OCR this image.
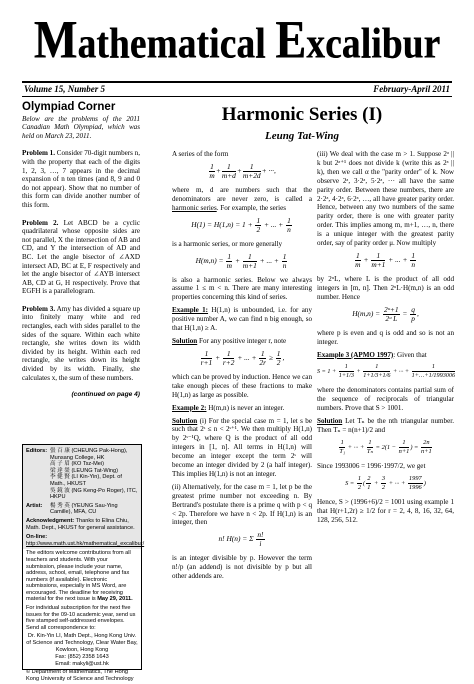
Mathematical Excalibur
Volume 15, Number 5	February-April 2011
Olympiad Corner

Below are the problems of the 2011 Canadian Math Olympiad, which was held on March 23, 2011.

Problem 1. Consider 70-digit numbers n, with the property that each of the digits 1, 2, 3, …, 7 appears in the decimal expansion of n ten times (and 8, 9 and 0 do not appear). Show that no number of this form can divide another number of this form.

Problem 2. Let ABCD be a cyclic quadrilateral whose opposite sides are not parallel, X the intersection of AB and CD, and Y the intersection of AD and BC. Let the angle bisector of ∠AXD intersect AD, BC at E, F respectively and let the angle bisector of ∠AYB intersect AB, CD at G, H respectively. Prove that EGFH is a parallelogram.

Problem 3. Amy has divided a square up into finitely many white and red rectangles, each with sides parallel to the sides of the square. Within each white rectangle, she writes down its width divided by its height. Within each red rectangle, she writes down its height divided by its width. Finally, she calculates x, the sum of these numbers.

(continued on page 4)

Editors: 張 百 康 (CHEUNG Pak-Hong), Munsang College, HK
高 子 眉 (KO Tsz-Mei)
梁 達 榮 (LEUNG Tat-Wing)
李 健 賢 (LI Kin-Yin), Dept. of Math., HKUST
吳 鏡 波 (NG Keng-Po Roger), ITC, HKPU
Artist:	楊 秀 英 (YEUNG Sau-Ying Camille), MFA, CU
Acknowledgment: Thanks to Elina Chiu, Math. Dept., HKUST for general assistance.
On-line:
http://www.math.ust.hk/mathematical_excalibur/
The editors welcome contributions from all teachers and students. With your submission, please include your name, address, school, email, telephone and fax numbers (if available). Electronic submissions, especially in MS Word, are encouraged. The deadline for receiving material for the next issue is May 29, 2011.
For individual subscription for the next five issues for the 09-10 academic year, send us five stamped self-addressed envelopes. Send all correspondence to:
Dr. Kin-Yin LI, Math Dept., Hong Kong Univ. of Science and Technology, Clear Water Bay, Kowloon, Hong Kong
Fax: (852) 2358 1643
Email: makyli@ust.hk
© Department of Mathematics, The Hong Kong University of Science and Technology
Harmonic Series (I)
Leung Tat-Wing

A series of the form

$\frac{1}{m} + \frac{1}{m+d} + \frac{1}{m+2d}$ + ···,

where m, d are numbers such that the denominators are never zero, is called a harmonic series. For example, the series

$H(1) = H(1,n) = 1 + \frac{1}{2}$ + ... + $\frac{1}{n}$

is a harmonic series, or more generally

$H(m,n) = \frac{1}{m} + \frac{1}{m+1}$ + ... + $\frac{1}{n}$

is also a harmonic series. Below we always assume 1 ≤ m < n. There are many interesting properties concerning this kind of series.

Example 1: H(1,n) is unbounded, i.e. for any positive number A, we can find n big enough, so that H(1,n) ≥ A.

Solution For any positive integer r, note

$\frac{1}{r+1} + \frac{1}{r+2}$ + ... + $\frac{1}{2r} \ge \frac{1}{2}$ ,

which can be proved by induction. Hence we can take enough pieces of these fractions to make H(1,n) as large as possible.

Example 2: H(m,n) is never an integer.

Solution (i) For the special case m = 1, let s be such that 2ˢ ≤ n < 2ˢ⁺¹. We then multiply H(1,n) by 2ˢ⁻¹Q, where Q is the product of all odd integers in [1, n]. All terms in H(1,n) will become an integer except the term 2ˢ will become an integer divided by 2 (a half integer). This implies H(1,n) is not an integer.

(ii) Alternatively, for the case m = 1, let p be the greatest prime number not exceeding n. By Bertrand's postulate there is a prime q with p < q < 2p. Therefore we have n < 2p. If H(1,n) is an integer, then

n! H(n) = Σ $\frac{n!}{i}$

is an integer divisible by p. However the term n!/p (an addend) is not divisible by p but all other addends are.

(iii) We deal with the case m > 1. Suppose 2ᵃ || k but 2ᵃ⁺¹ does not divide k (write this as 2ᵃ || k), then we call α the "parity order" of k. Now observe 2ᵃ, 3·2ᵃ, 5·2ᵃ, ··· all have the same parity order. Between these numbers, there are 2·2ᵃ, 4·2ᵃ, 6·2ᵃ, …, all have greater parity order. Hence, between any two numbers of the same parity order, there is one with greater parity order. This implies among m, m+1, …, n, there is a unique integer with the greatest parity order, say of parity order μ. Now multiply

$\frac{1}{m} + \frac{1}{m+1}$ + ... + $\frac{1}{n}$

by 2ᵘL, where L is the product of all odd integers in [m, n]. Then 2ᵘL·H(m,n) is an odd number. Hence

$H(m,n) = \frac{\text{2ᵘ+1}}{\text{2ᵘ L}} = \frac{q}{p}$ ,

where p is even and q is odd and so is not an integer.

Example 3 (APMO 1997): Given that

$S = 1 + \frac{1}{1+1/3} + \frac{1}{1+1/3+1/6}$ + ··· + $\frac{1}{1+\dots+1/1993006}$

where the denominators contains partial sum of the sequence of reciprocals of triangular numbers. Prove that S > 1001.

Solution Let Tₙ be the nth triangular number. Then Tₙ = n(n+1)/2 and

$\frac{1}{\text{T₁}}$ + ··· + $\frac{1}{\text{Tₙ}} = 2(1 - \frac{1}{n+1}$ ) = $\frac{2n}{n+1}$

Since 1993006 = 1996·1997/2, we get

$S = \frac{1}{2}$ ( $\frac{2}{1} + \frac{3}{2}$ + ··· + $\frac{1997}{1996}$ )

Hence, S > (1996+6)/2 = 1001 using example 1 that H(r+1,2r) ≥ 1/2 for r = 2, 4, 8, 16, 32, 64, 128, 256, 512.
